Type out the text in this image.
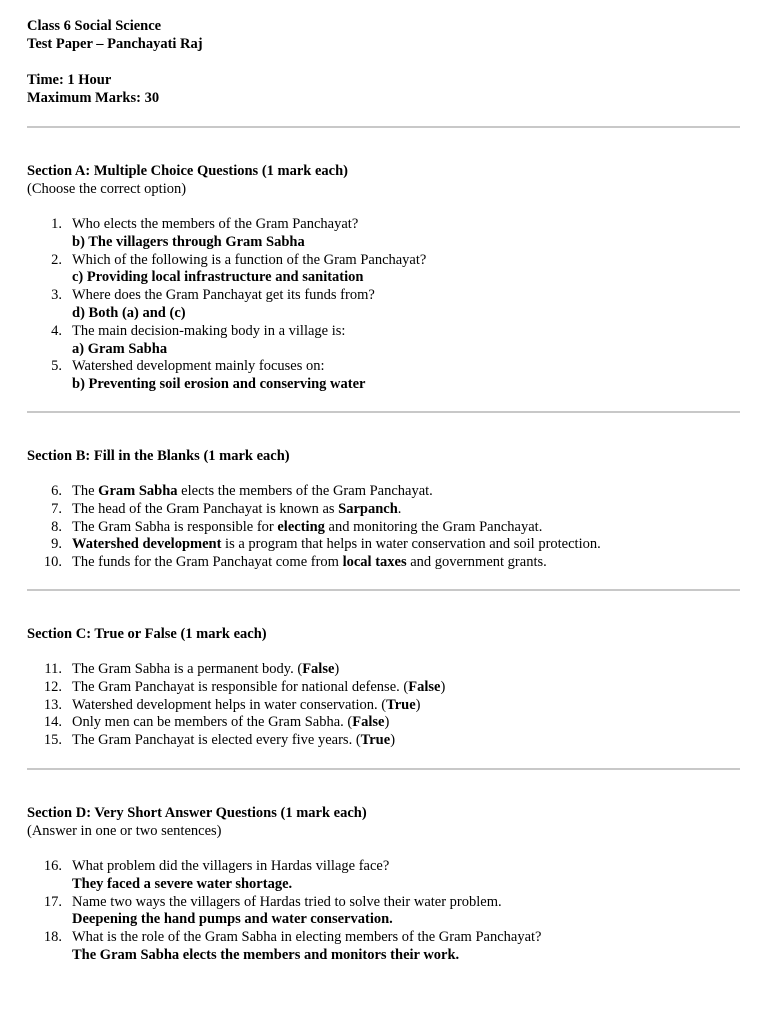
Class 6 Social Science
Test Paper – Panchayati Raj
Time: 1 Hour
Maximum Marks: 30
Section A: Multiple Choice Questions (1 mark each)
(Choose the correct option)
1. Who elects the members of the Gram Panchayat?
b) The villagers through Gram Sabha
2. Which of the following is a function of the Gram Panchayat?
c) Providing local infrastructure and sanitation
3. Where does the Gram Panchayat get its funds from?
d) Both (a) and (c)
4. The main decision-making body in a village is:
a) Gram Sabha
5. Watershed development mainly focuses on:
b) Preventing soil erosion and conserving water
Section B: Fill in the Blanks (1 mark each)
6. The Gram Sabha elects the members of the Gram Panchayat.
7. The head of the Gram Panchayat is known as Sarpanch.
8. The Gram Sabha is responsible for electing and monitoring the Gram Panchayat.
9. Watershed development is a program that helps in water conservation and soil protection.
10. The funds for the Gram Panchayat come from local taxes and government grants.
Section C: True or False (1 mark each)
11. The Gram Sabha is a permanent body. (False)
12. The Gram Panchayat is responsible for national defense. (False)
13. Watershed development helps in water conservation. (True)
14. Only men can be members of the Gram Sabha. (False)
15. The Gram Panchayat is elected every five years. (True)
Section D: Very Short Answer Questions (1 mark each)
(Answer in one or two sentences)
16. What problem did the villagers in Hardas village face?
They faced a severe water shortage.
17. Name two ways the villagers of Hardas tried to solve their water problem.
Deepening the hand pumps and water conservation.
18. What is the role of the Gram Sabha in electing members of the Gram Panchayat?
The Gram Sabha elects the members and monitors their work.
